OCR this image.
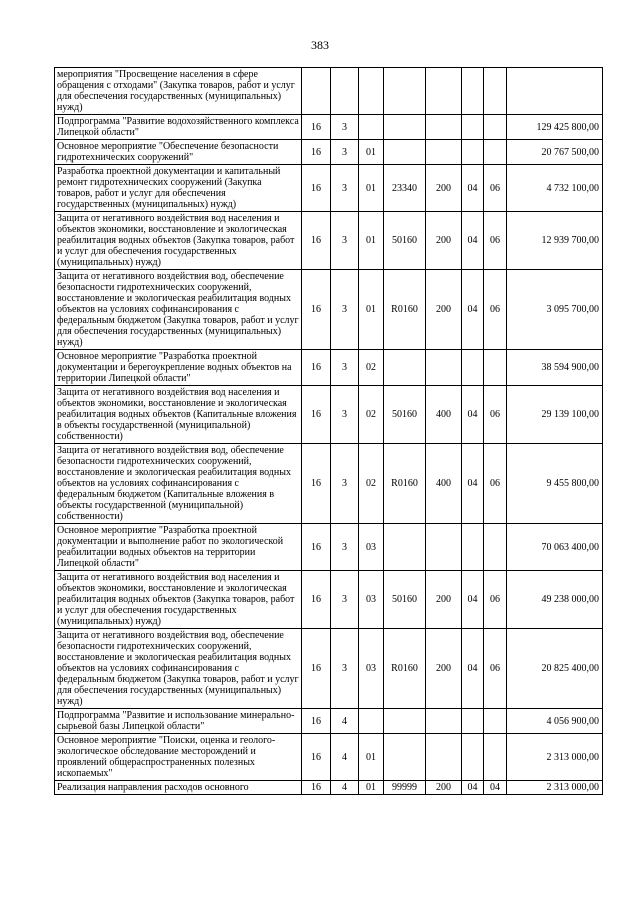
383
мероприятия "Просвещение населения в сфере обращения с отходами" (Закупка товаров, работ и услуг для обеспечения государственных (муниципальных) нужд)								
Подпрограмма "Развитие водохозяйственного комплекса Липецкой области"	16	3						129 425 800,00
Основное мероприятие "Обеспечение безопасности гидротехнических сооружений"	16	3	01					20 767 500,00
Разработка проектной документации и капитальный ремонт гидротехнических сооружений (Закупка товаров, работ и услуг для обеспечения государственных (муниципальных) нужд)	16	3	01	23340	200	04	06	4 732 100,00
Защита от негативного воздействия вод населения и объектов экономики, восстановление и экологическая реабилитация водных объектов (Закупка товаров, работ и услуг для обеспечения государственных (муниципальных) нужд)	16	3	01	50160	200	04	06	12 939 700,00
Защита от негативного воздействия вод, обеспечение безопасности гидротехнических сооружений, восстановление и экологическая реабилитация водных объектов на условиях софинансирования с федеральным бюджетом (Закупка товаров, работ и услуг для обеспечения государственных (муниципальных) нужд)	16	3	01	R0160	200	04	06	3 095 700,00
Основное мероприятие "Разработка проектной документации и берегоукрепление водных объектов на территории Липецкой области"	16	3	02					38 594 900,00
Защита от негативного воздействия вод населения и объектов экономики, восстановление и экологическая реабилитация водных объектов (Капитальные вложения в объекты государственной (муниципальной) собственности)	16	3	02	50160	400	04	06	29 139 100,00
Защита от негативного воздействия вод, обеспечение безопасности гидротехнических сооружений, восстановление и экологическая реабилитация водных объектов на условиях софинансирования с федеральным бюджетом (Капитальные вложения в объекты государственной (муниципальной) собственности)	16	3	02	R0160	400	04	06	9 455 800,00
Основное мероприятие "Разработка проектной документации и выполнение работ по экологической реабилитации водных объектов на территории Липецкой области"	16	3	03					70 063 400,00
Защита от негативного воздействия вод населения и объектов экономики, восстановление и экологическая реабилитация водных объектов (Закупка товаров, работ и услуг для обеспечения государственных (муниципальных) нужд)	16	3	03	50160	200	04	06	49 238 000,00
Защита от негативного воздействия вод, обеспечение безопасности гидротехнических сооружений, восстановление и экологическая реабилитация водных объектов на условиях софинансирования с федеральным бюджетом (Закупка товаров, работ и услуг для обеспечения государственных (муниципальных) нужд)	16	3	03	R0160	200	04	06	20 825 400,00
Подпрограмма "Развитие и использование минерально-сырьевой базы Липецкой области"	16	4						4 056 900,00
Основное мероприятие "Поиски, оценка и геолого-экологическое обследование месторождений и проявлений общераспространенных полезных ископаемых"	16	4	01					2 313 000,00
Реализация направления расходов основного	16	4	01	99999	200	04	04	2 313 000,00
